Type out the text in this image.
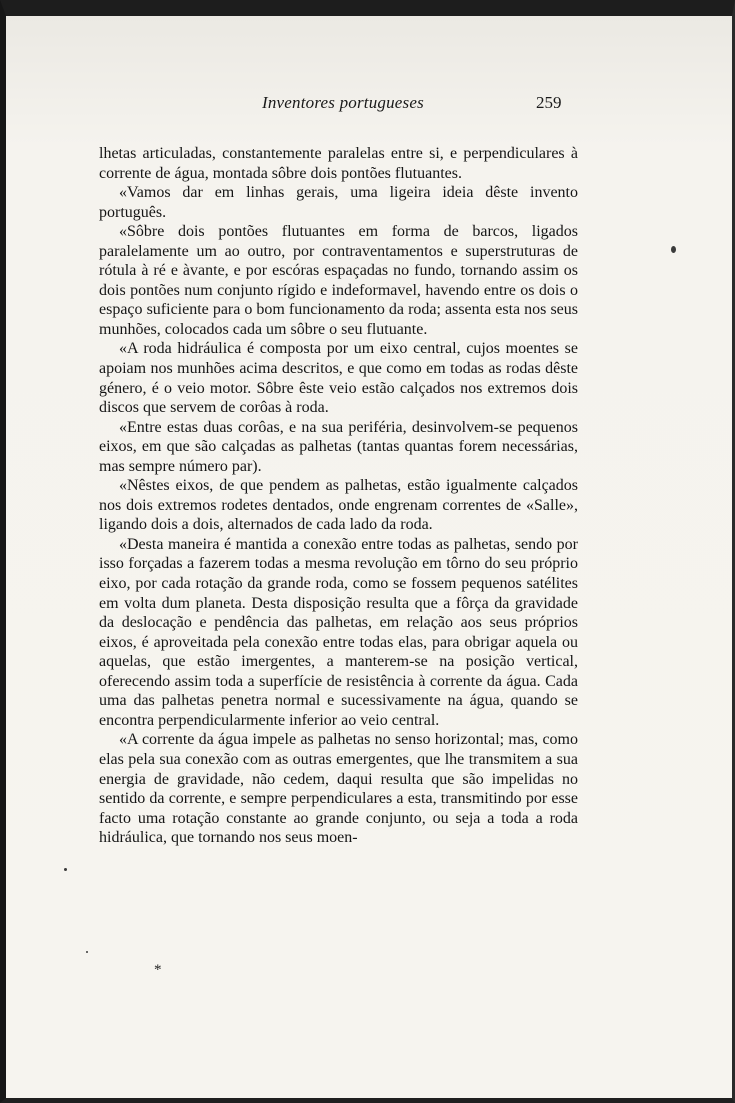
Inventores portugueses	259

lhetas articuladas, constantemente paralelas entre si, e perpendiculares à corrente de água, montada sôbre dois pontões flutuantes.

«Vamos dar em linhas gerais, uma ligeira ideia dêste invento português.

«Sôbre dois pontões flutuantes em forma de barcos, ligados paralelamente um ao outro, por contraventamentos e superstruturas de rótula à ré e àvante, e por escóras espaçadas no fundo, tornando assim os dois pontões num conjunto rígido e indeformavel, havendo entre os dois o espaço suficiente para o bom funcionamento da roda; assenta esta nos seus munhões, colocados cada um sôbre o seu flutuante.

«A roda hidráulica é composta por um eixo central, cujos moentes se apoiam nos munhões acima descritos, e que como em todas as rodas dêste género, é o veio motor. Sôbre êste veio estão calçados nos extremos dois discos que servem de corôas à roda.

«Entre estas duas corôas, e na sua periféria, desinvolvem-se pequenos eixos, em que são calçadas as palhetas (tantas quantas forem necessárias, mas sempre número par).

«Nêstes eixos, de que pendem as palhetas, estão igualmente calçados nos dois extremos rodetes dentados, onde engrenam correntes de «Salle», ligando dois a dois, alternados de cada lado da roda.

«Desta maneira é mantida a conexão entre todas as palhetas, sendo por isso forçadas a fazerem todas a mesma revolução em tôrno do seu próprio eixo, por cada rotação da grande roda, como se fossem pequenos satélites em volta dum planeta. Desta disposição resulta que a fôrça da gravidade da deslocação e pendência das palhetas, em relação aos seus próprios eixos, é aproveitada pela conexão entre todas elas, para obrigar aquela ou aquelas, que estão imergentes, a manterem-se na posição vertical, oferecendo assim toda a superfície de resistência à corrente da água. Cada uma das palhetas penetra normal e sucessivamente na água, quando se encontra perpendicularmente inferior ao veio central.

«A corrente da água impele as palhetas no senso horizontal; mas, como elas pela sua conexão com as outras emergentes, que lhe transmitem a sua energia de gravidade, não cedem, daqui resulta que são impelidas no sentido da corrente, e sempre perpendiculares a esta, transmitindo por esse facto uma rotação constante ao grande conjunto, ou seja a toda a roda hidráulica, que tornando nos seus moen-

*
